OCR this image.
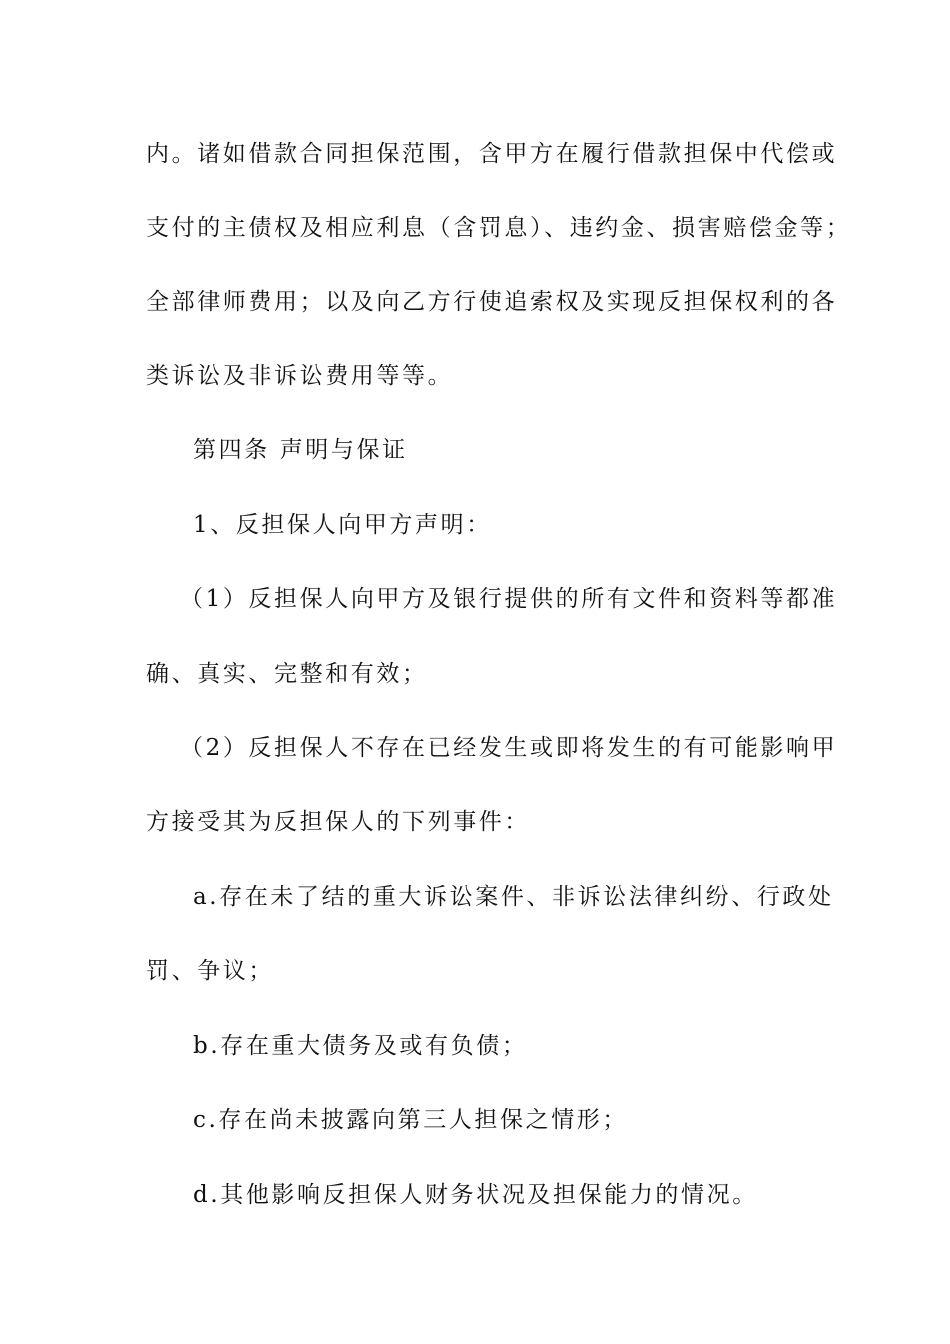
内。诸如借款合同担保范围，含甲方在履行借款担保中代偿或
支付的主债权及相应利息（含罚息）、违约金、损害赔偿金等；
全部律师费用；以及向乙方行使追索权及实现反担保权利的各
类诉讼及非诉讼费用等等。
第四条 声明与保证
1、反担保人向甲方声明：
（1）反担保人向甲方及银行提供的所有文件和资料等都准
确、真实、完整和有效；
（2）反担保人不存在已经发生或即将发生的有可能影响甲
方接受其为反担保人的下列事件：
a.存在未了结的重大诉讼案件、非诉讼法律纠纷、行政处
罚、争议；
b.存在重大债务及或有负债；
c.存在尚未披露向第三人担保之情形；
d.其他影响反担保人财务状况及担保能力的情况。
